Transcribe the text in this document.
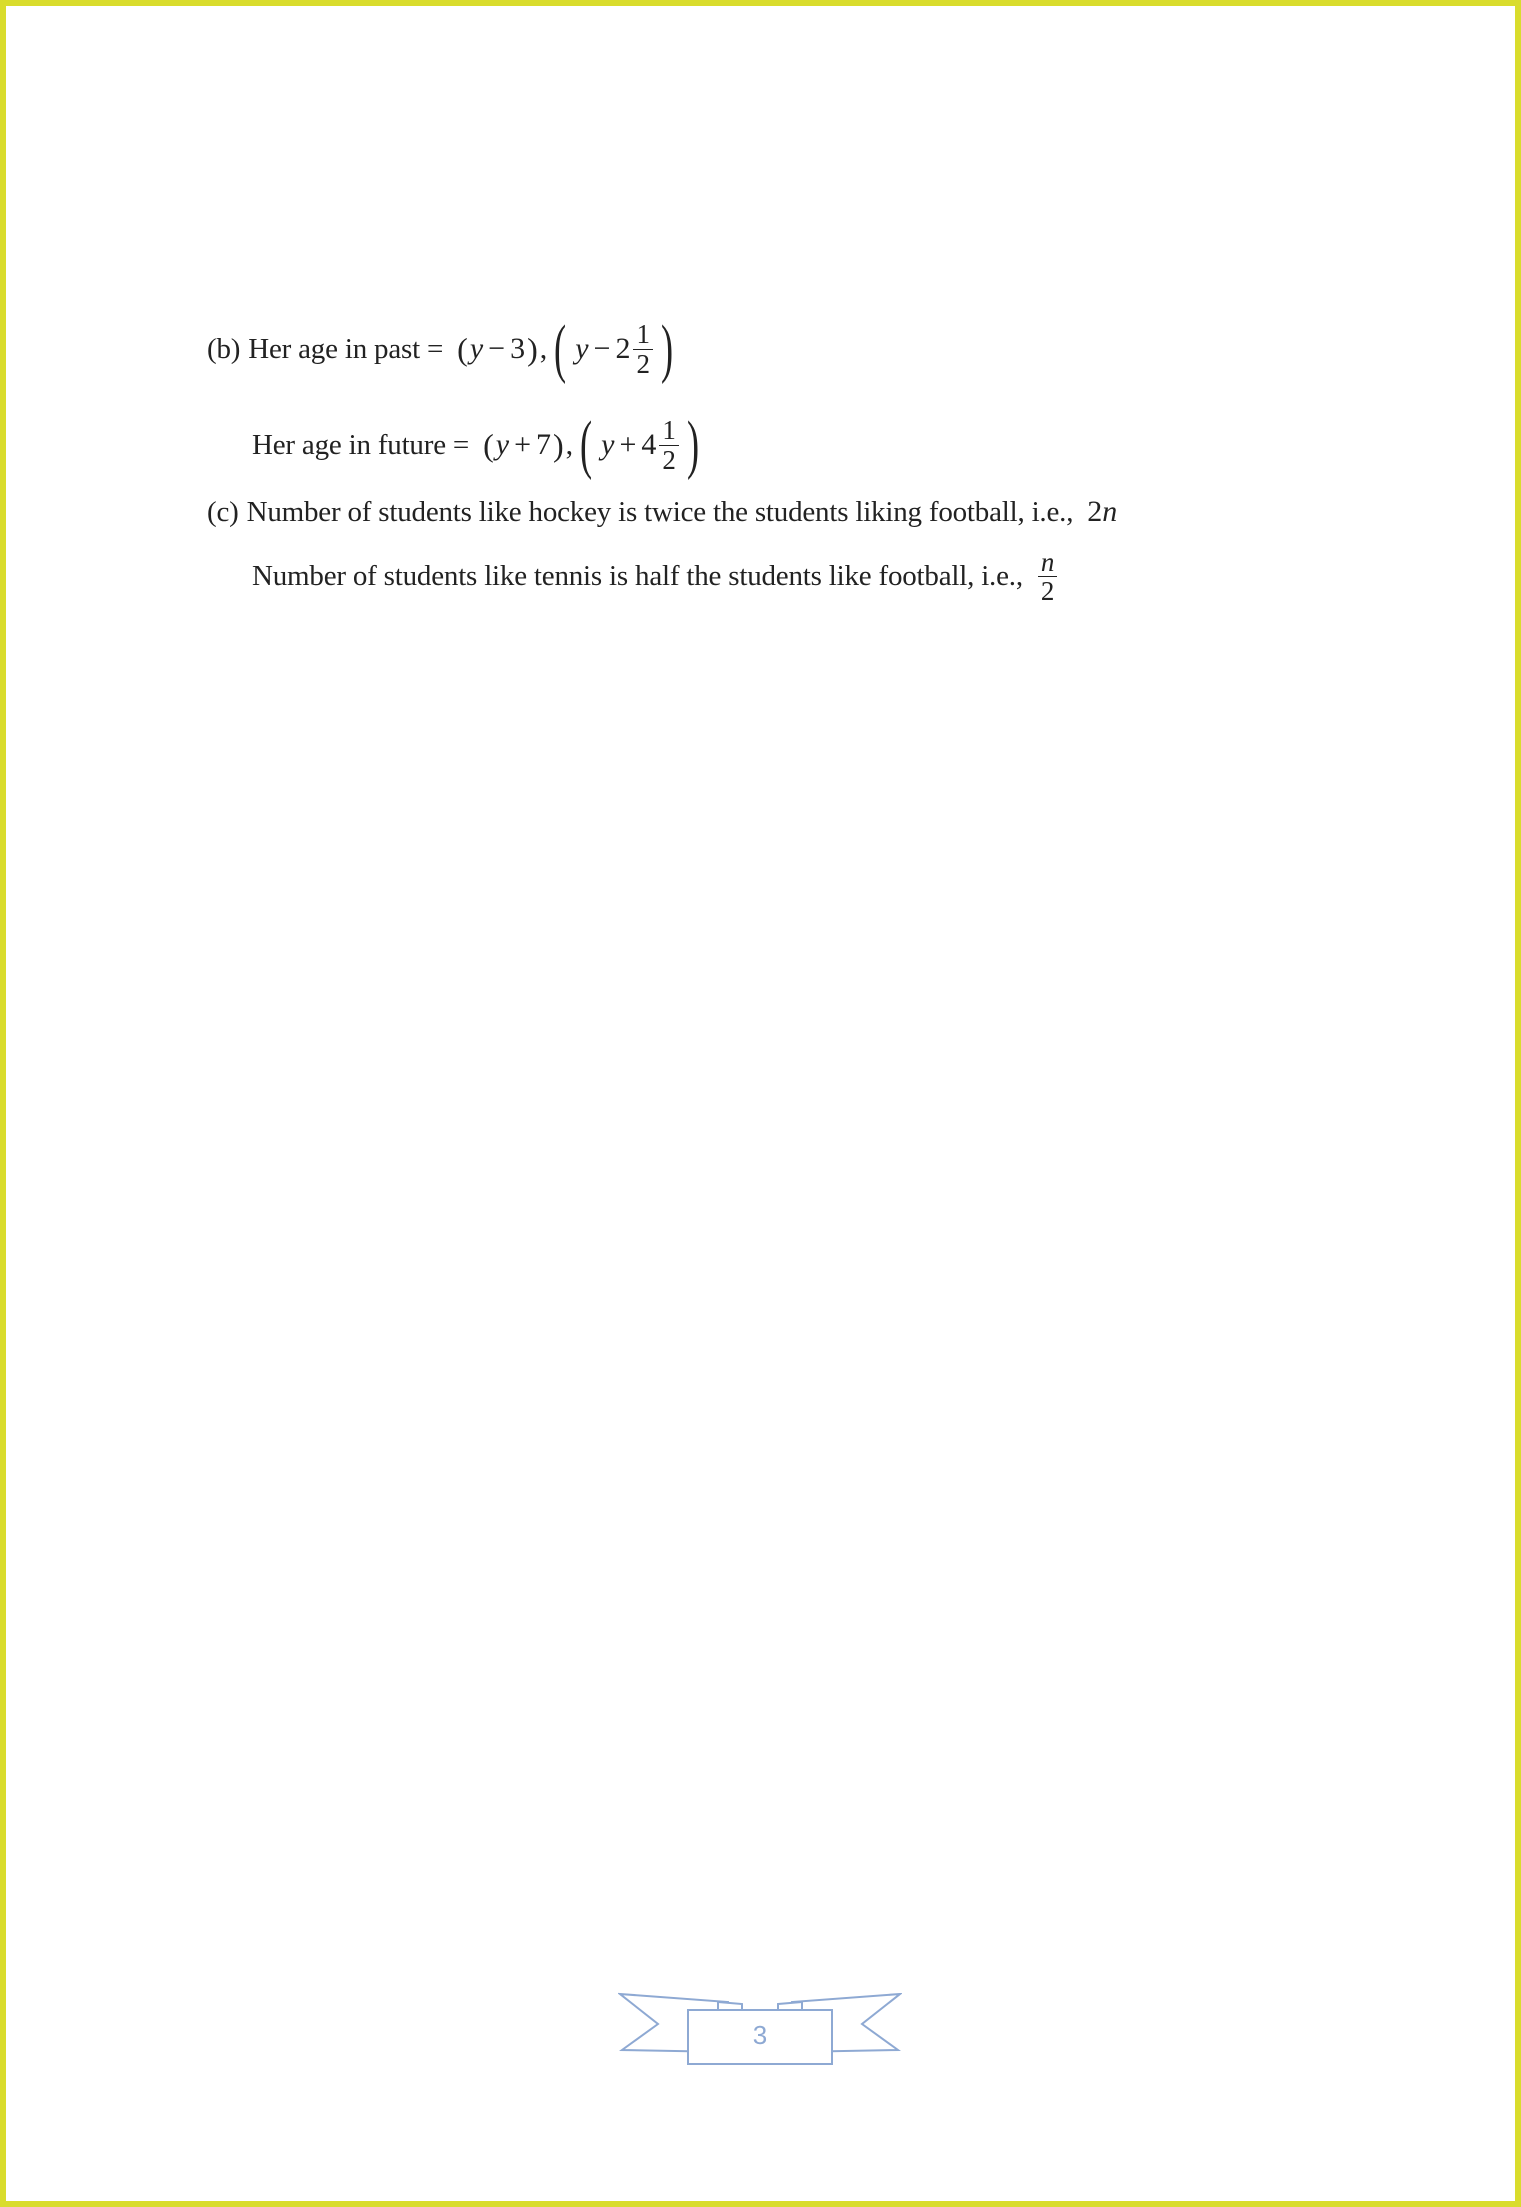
(b) Her age in past = ( y − 3 ) , ( $y - 2 \frac{1}{2}$ )
Her age in future = ( y + 7 ) , ( $y + 4 \frac{1}{2}$ )
(c) Number of students like hockey is twice the students liking football, i.e., 2 n
Number of students like tennis is half the students like football, i.e., $\frac{n}{2}$
3
